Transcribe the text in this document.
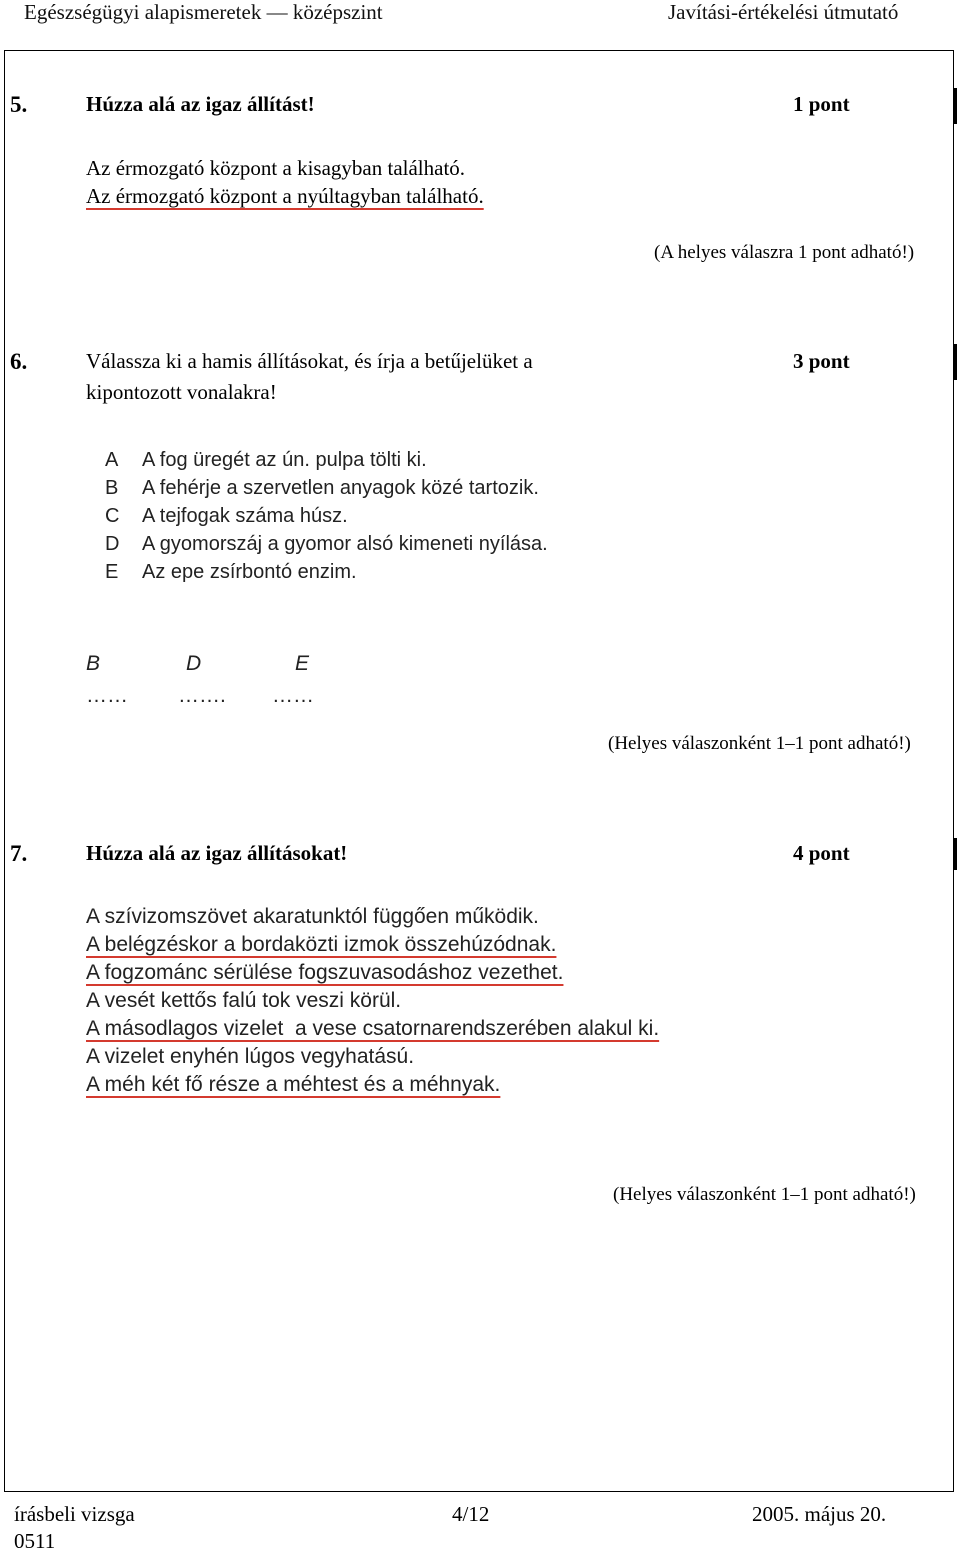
Egészségügyi alapismeretek — középszint	Javítási-értékelési útmutató
5.	Húzza alá az igaz állítást!	1 pont
Az érmozgató központ a kisagyban található.
Az érmozgató központ a nyúltagyban található.
(A helyes válaszra 1 pont adható!)
6.	Válassza ki a hamis állításokat, és írja a betűjelüket a
kipontozott vonalakra!
3 pont
A A fog üregét az ún. pulpa tölti ki.
B A fehérje a szervetlen anyagok közé tartozik.
C A tejfogak száma húsz.
D A gyomorszáj a gyomor alsó kimeneti nyílása.
E Az epe zsírbontó enzim.
B	D	E
…… ……. ……
(Helyes válaszonként 1–1 pont adható!)
7.	Húzza alá az igaz állításokat!	4 pont
A szívizomszövet akaratunktól függően működik.
A belégzéskor a bordaközti izmok összehúzódnak.
A fogzománc sérülése fogszuvasodáshoz vezethet.
A vesét kettős falú tok veszi körül.
A másodlagos vizelet  a vese csatornarendszerében alakul ki.
A vizelet enyhén lúgos vegyhatású.
A méh két fő része a méhtest és a méhnyak.
(Helyes válaszonként 1–1 pont adható!)
írásbeli vizsga
0511
4/12	2005. május 20.
